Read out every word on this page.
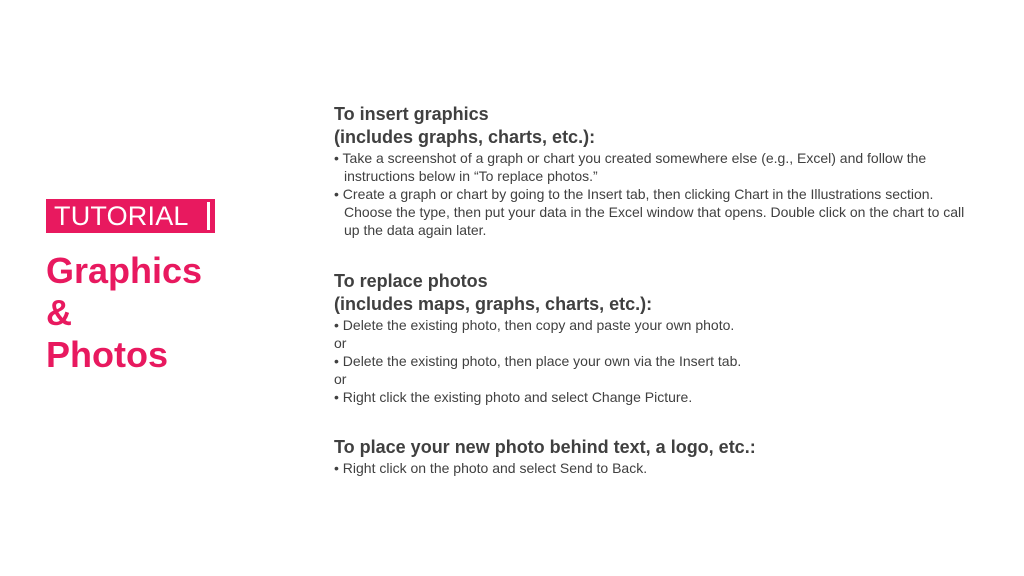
TUTORIAL
Graphics
&
Photos
To insert graphics
(includes graphs, charts, etc.):
• Take a screenshot of a graph or chart you created somewhere else (e.g., Excel) and follow the instructions below in “To replace photos.”
• Create a graph or chart by going to the Insert tab, then clicking Chart in the Illustrations section. Choose the type, then put your data in the Excel window that opens. Double click on the chart to call up the data again later.
To replace photos
(includes maps, graphs, charts, etc.):
• Delete the existing photo, then copy and paste your own photo.
or
• Delete the existing photo, then place your own via the Insert tab.
or
• Right click the existing photo and select Change Picture.
To place your new photo behind text, a logo, etc.:
• Right click on the photo and select Send to Back.
